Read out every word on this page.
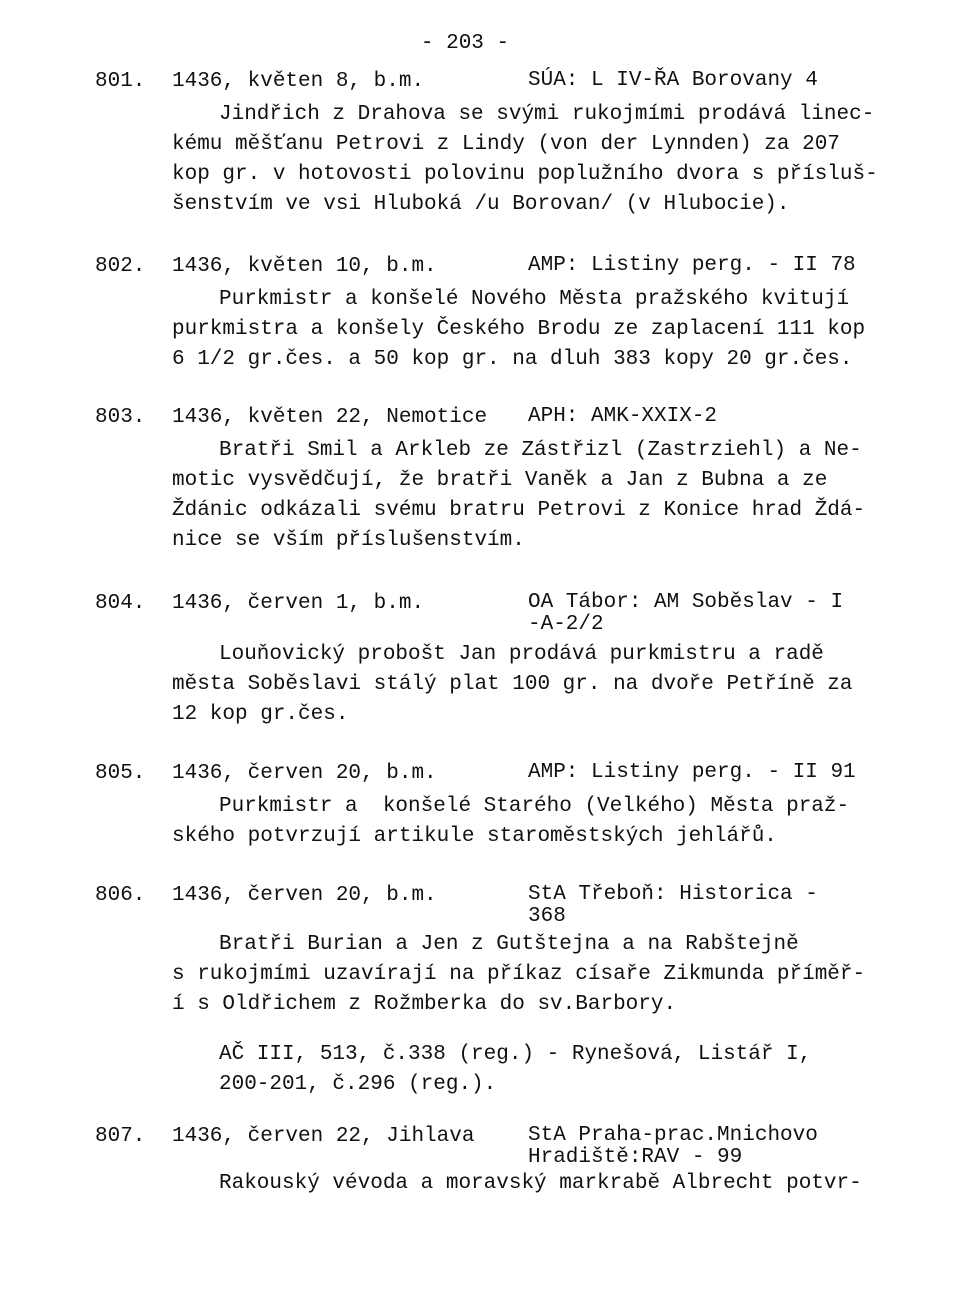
- 203 -
801. 1436, květen 8, b.m.	SÚA: L IV-ŘA Borovany 4
Jindřich z Drahova se svými rukojmími prodává linec-
kému měšťanu Petrovi z Lindy (von der Lynnden) za 207
kop gr. v hotovosti polovinu poplužního dvora s přísluš-
šenstvím ve vsi Hluboká /u Borovan/ (v Hlubocie).
802. 1436, květen 10, b.m.	AMP: Listiny perg. - II 78
Purkmistr a konšelé Nového Města pražského kvitují
purkmistra a konšely Českého Brodu ze zaplacení 111 kop
6 1/2 gr.čes. a 50 kop gr. na dluh 383 kopy 20 gr.čes.
803. 1436, květen 22, Nemotice APH: AMK-XXIX-2
Bratři Smil a Arkleb ze Zástřizl (Zastrziehl) a Ne-
motic vysvědčují, že bratři Vaněk a Jan z Bubna a ze
Ždánic odkázali svému bratru Petrovi z Konice hrad Ždá-
nice se vším příslušenstvím.
804. 1436, červen 1, b.m.	OA Tábor: AM Soběslav - I
-A-2/2
Louňovický probošt Jan prodává purkmistru a radě
města Soběslavi stálý plat 100 gr. na dvoře Petříně za
12 kop gr.čes.
805. 1436, červen 20, b.m.	AMP: Listiny perg. - II 91
Purkmistr a  konšelé Starého (Velkého) Města praž-
ského potvrzují artikule staroměstských jehlářů.
806. 1436, červen 20, b.m.	StA Třeboň: Historica -
368
Bratři Burian a Jen z Gutštejna a na Rabštejně
s rukojmími uzavírají na příkaz císaře Zikmunda příměř-
í s Oldřichem z Rožmberka do sv.Barbory.
AČ III, 513, č.338 (reg.) - Rynešová, Listář I,
200-201, č.296 (reg.).
807. 1436, červen 22, Jihlava	StA Praha-prac.Mnichovo
Hradiště:RAV - 99
Rakouský vévoda a moravský markrabě Albrecht potvr-
